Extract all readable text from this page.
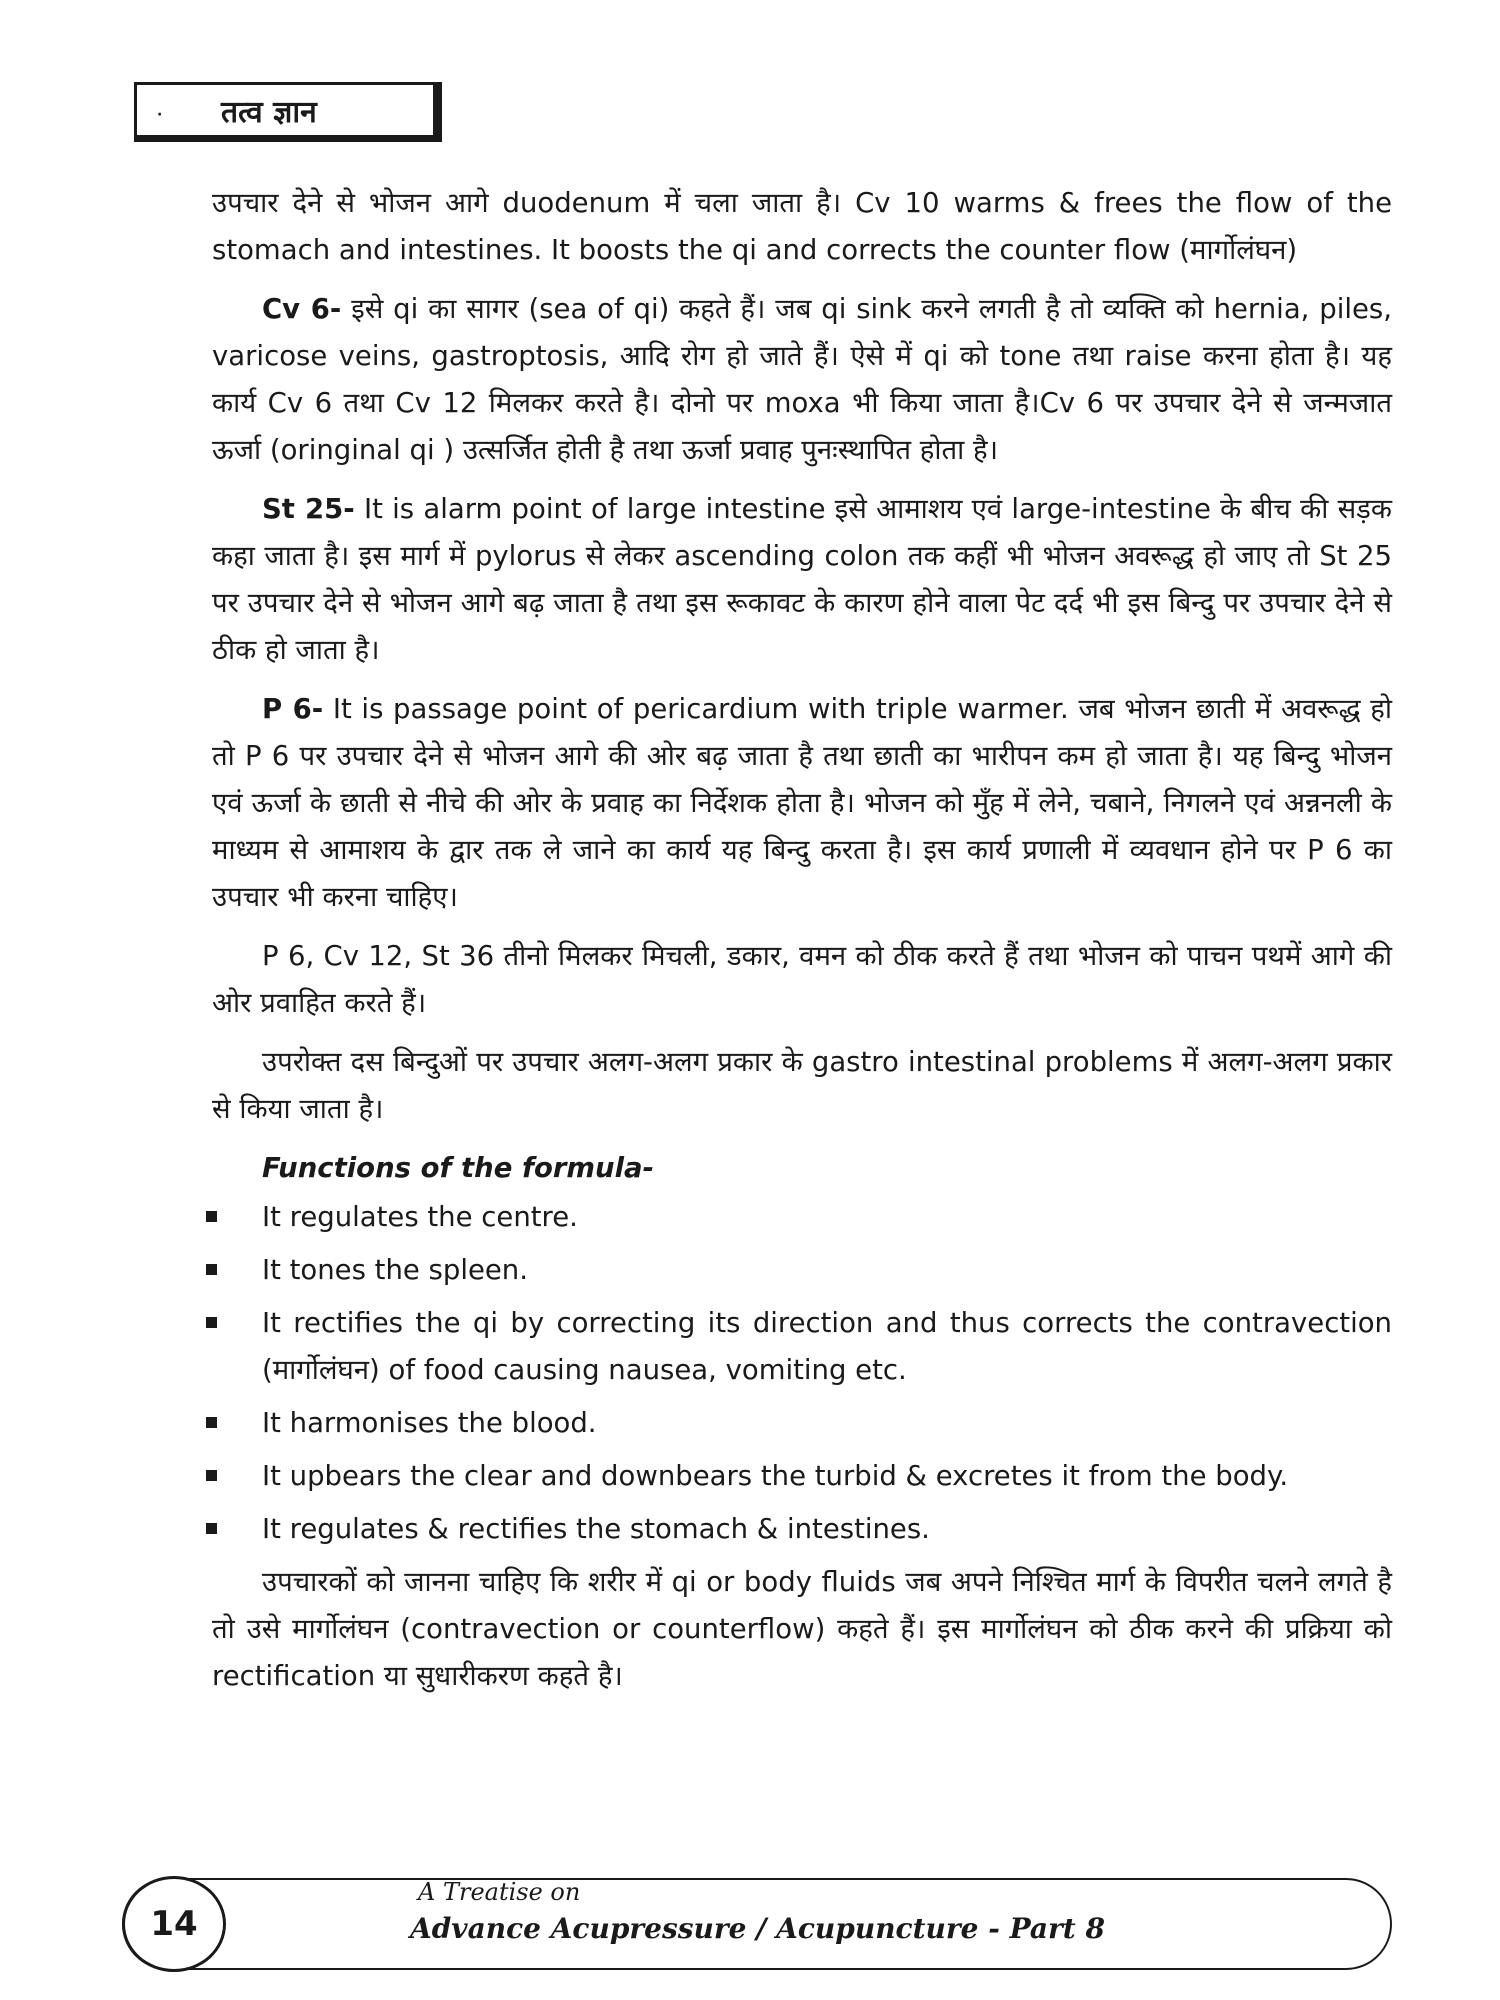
· तत्व ज्ञान

उपचार देने से भोजन आगे duodenum में चला जाता है। Cv 10 warms & frees the flow of the stomach and intestines. It boosts the qi and corrects the counter flow (मार्गोलंघन)

Cv 6- इसे qi का सागर (sea of qi) कहते हैं। जब qi sink करने लगती है तो व्यक्ति को hernia, piles, varicose veins, gastroptosis, आदि रोग हो जाते हैं। ऐसे में qi को tone तथा raise करना होता है। यह कार्य Cv 6 तथा Cv 12 मिलकर करते है। दोनो पर moxa भी किया जाता है।Cv 6 पर उपचार देने से जन्मजात ऊर्जा (oringinal qi ) उत्सर्जित होती है तथा ऊर्जा प्रवाह पुनःस्थापित होता है।

St 25- It is alarm point of large intestine इसे आमाशय एवं large-intestine के बीच की सड़क कहा जाता है। इस मार्ग में pylorus से लेकर ascending colon तक कहीं भी भोजन अवरूद्ध हो जाए तो St 25 पर उपचार देने से भोजन आगे बढ़ जाता है तथा इस रूकावट के कारण होने वाला पेट दर्द भी इस बिन्दु पर उपचार देने से ठीक हो जाता है।

P 6- It is passage point of pericardium with triple warmer. जब भोजन छाती में अवरूद्ध हो तो P 6 पर उपचार देने से भोजन आगे की ओर बढ़ जाता है तथा छाती का भारीपन कम हो जाता है। यह बिन्दु भोजन एवं ऊर्जा के छाती से नीचे की ओर के प्रवाह का निर्देशक होता है। भोजन को मुँह में लेने, चबाने, निगलने एवं अन्ननली के माध्यम से आमाशय के द्वार तक ले जाने का कार्य यह बिन्दु करता है। इस कार्य प्रणाली में व्यवधान होने पर P 6 का उपचार भी करना चाहिए।

P 6, Cv 12, St 36 तीनो मिलकर मिचली, डकार, वमन को ठीक करते हैं तथा भोजन को पाचन पथमें आगे की ओर प्रवाहित करते हैं।

उपरोक्त दस बिन्दुओं पर उपचार अलग-अलग प्रकार के gastro intestinal problems में अलग-अलग प्रकार से किया जाता है।

Functions of the formula-
It regulates the centre.
It tones the spleen.
It rectifies the qi by correcting its direction and thus corrects the contravection (मार्गोलंघन) of food causing nausea, vomiting etc.
It harmonises the blood.
It upbears the clear and downbears the turbid & excretes it from the body.
It regulates & rectifies the stomach & intestines.

उपचारकों को जानना चाहिए कि शरीर में qi or body fluids जब अपने निश्चित मार्ग के विपरीत चलने लगते है तो उसे मार्गोलंघन (contravection or counterflow) कहते हैं। इस मार्गोलंघन को ठीक करने की प्रक्रिया को rectification या सुधारीकरण कहते है।

14
A Treatise on
Advance Acupressure / Acupuncture - Part 8
